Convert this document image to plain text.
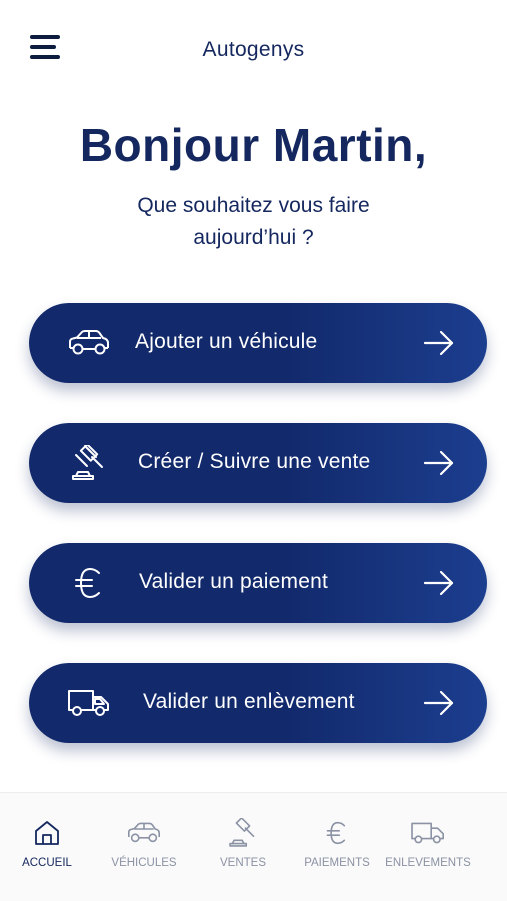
Autogenys
Bonjour Martin,
Que souhaitez vous faire aujourd’hui ?
Ajouter un véhicule
Créer / Suivre une vente
Valider un paiement
Valider un enlèvement
ACCUEIL	VÉHICULES	VENTES	PAIEMENTS	ENLEVEMENTS
